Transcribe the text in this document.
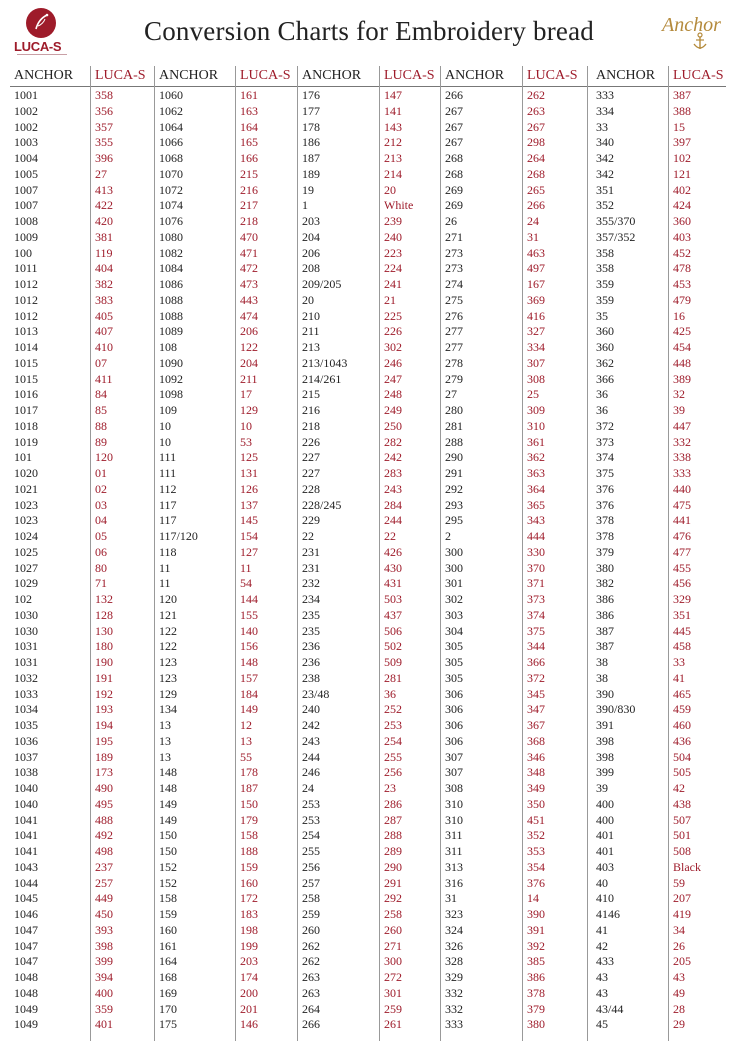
LUCA-S
Conversion Charts for Embroidery bread	Anchor
ANCHOR LUCA-S ANCHOR LUCA-S ANCHOR LUCA-S ANCHOR LUCA-S ANCHOR LUCA-S
1001
1002
1002
1003
1004
1005
1007
1007
1008
1009
100
1011
1012
1012
1012
1013
1014
1015
1015
1016
1017
1018
1019
101
1020
1021
1023
1023
1024
1025
1027
1029
102
1030
1030
1031
1031
1032
1033
1034
1035
1036
1037
1038
1040
1040
1041
1041
1041
1043
1044
1045
1046
1047
1047
1047
1048
1048
1049
1049
358
356
357
355
396
27
413
422
420
381
119
404
382
383
405
407
410
07
411
84
85
88
89
120
01
02
03
04
05
06
80
71
132
128
130
180
190
191
192
193
194
195
189
173
490
495
488
492
498
237
257
449
450
393
398
399
394
400
359
401
1060
1062
1064
1066
1068
1070
1072
1074
1076
1080
1082
1084
1086
1088
1088
1089
108
1090
1092
1098
109
10
10
111
111
112
117
117
117/120
118
11
11
120
121
122
122
123
123
129
134
13
13
13
148
148
149
149
150
150
152
152
158
159
160
161
164
168
169
170
175
161
163
164
165
166
215
216
217
218
470
471
472
473
443
474
206
122
204
211
17
129
10
53
125
131
126
137
145
154
127
11
54
144
155
140
156
148
157
184
149
12
13
55
178
187
150
179
158
188
159
160
172
183
198
199
203
174
200
201
146
176
177
178
186
187
189
19
1
203
204
206
208
209/205
20
210
211
213
213/1043
214/261
215
216
218
226
227
227
228
228/245
229
22
231
231
232
234
235
235
236
236
238
23/48
240
242
243
244
246
24
253
253
254
255
256
257
258
259
260
262
262
263
263
264
266
147
141
143
212
213
214
20
White
239
240
223
224
241
21
225
226
302
246
247
248
249
250
282
242
283
243
284
244
22
426
430
431
503
437
506
502
509
281
36
252
253
254
255
256
23
286
287
288
289
290
291
292
258
260
271
300
272
301
259
261
266
267
267
267
268
268
269
269
26
271
273
273
274
275
276
277
277
278
279
27
280
281
288
290
291
292
293
295
2
300
300
301
302
303
304
305
305
305
306
306
306
306
307
307
308
310
310
311
311
313
316
31
323
324
326
328
329
332
332
333
262
263
267
298
264
268
265
266
24
31
463
497
167
369
416
327
334
307
308
25
309
310
361
362
363
364
365
343
444
330
370
371
373
374
375
344
366
372
345
347
367
368
346
348
349
350
451
352
353
354
376
14
390
391
392
385
386
378
379
380
333
334
33
340
342
342
351
352
355/370
357/352
358
358
359
359
35
360
360
362
366
36
36
372
373
374
375
376
376
378
378
379
380
382
386
386
387
387
38
38
390
390/830
391
398
398
399
39
400
400
401
401
403
40
410
4146
41
42
433
43
43
43/44
45
387
388
15
397
102
121
402
424
360
403
452
478
453
479
16
425
454
448
389
32
39
447
332
338
333
440
475
441
476
477
455
456
329
351
445
458
33
41
465
459
460
436
504
505
42
438
507
501
508
Black
59
207
419
34
26
205
43
49
28
29
